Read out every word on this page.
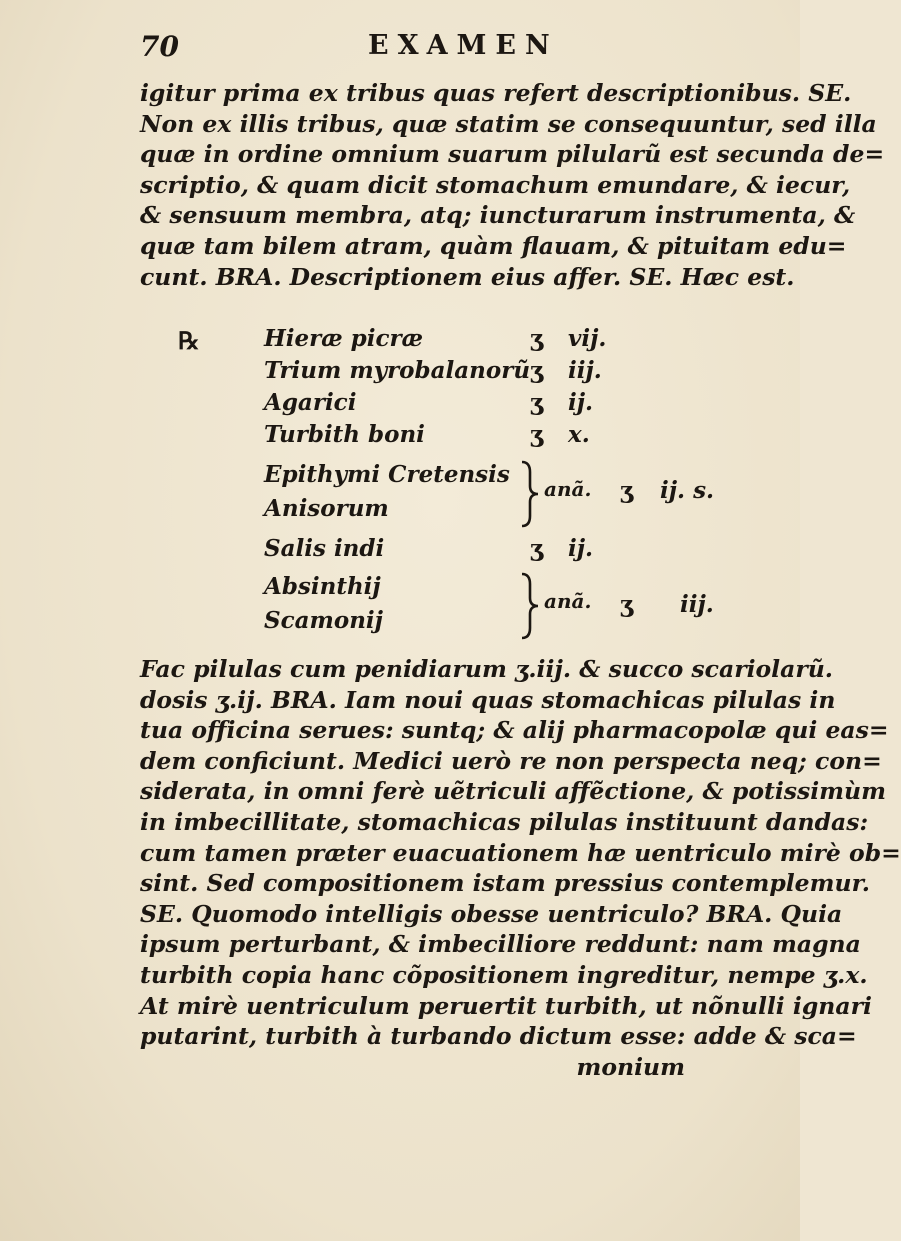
70	EXAMEN
igitur prima ex tribus quas refert descriptionibus. SE.
Non ex illis tribus, quæ statim se consequuntur, sed illa
quæ in ordine omnium suarum pilularũ est secunda de=
scriptio, & quam dicit stomachum emundare, & iecur,
& sensuum membra, atq; iuncturarum instrumenta, &
quæ tam bilem atram, quàm flauam, & pituitam edu=
cunt. BRA. Descriptionem eius affer. SE. Hæc est.
℞	Hieræ picræ	ʒ vij.
Trium myrobalanorũ ʒ iij.
Agarici	ʒ ij.
Turbith boni	ʒ x.
Epithymi Cretensis
Anisorum
anã. ʒ ij. s.
Salis indi	ʒ ij.
Absinthij
Scamonij
anã. ʒ iij.
Fac pilulas cum penidiarum ʒ.iij. & succo scariolarũ.
dosis ʒ.ij. BRA. Iam noui quas stomachicas pilulas in
tua officina serues: suntq; & alij pharmacopolæ qui eas=
dem conficiunt. Medici uerò re non perspecta neq; con=
siderata, in omni ferè uẽtriculi affẽctione, & potissimùm
in imbecillitate, stomachicas pilulas instituunt dandas:
cum tamen præter euacuationem hæ uentriculo mirè ob=
sint. Sed compositionem istam pressius contemplemur.
SE. Quomodo intelligis obesse uentriculo? BRA. Quia
ipsum perturbant, & imbecilliore reddunt: nam magna
turbith copia hanc cõpositionem ingreditur, nempe ʒ.x.
At mirè uentriculum peruertit turbith, ut nõnulli ignari
putarint, turbith à turbando dictum esse: adde & sca=
monium
